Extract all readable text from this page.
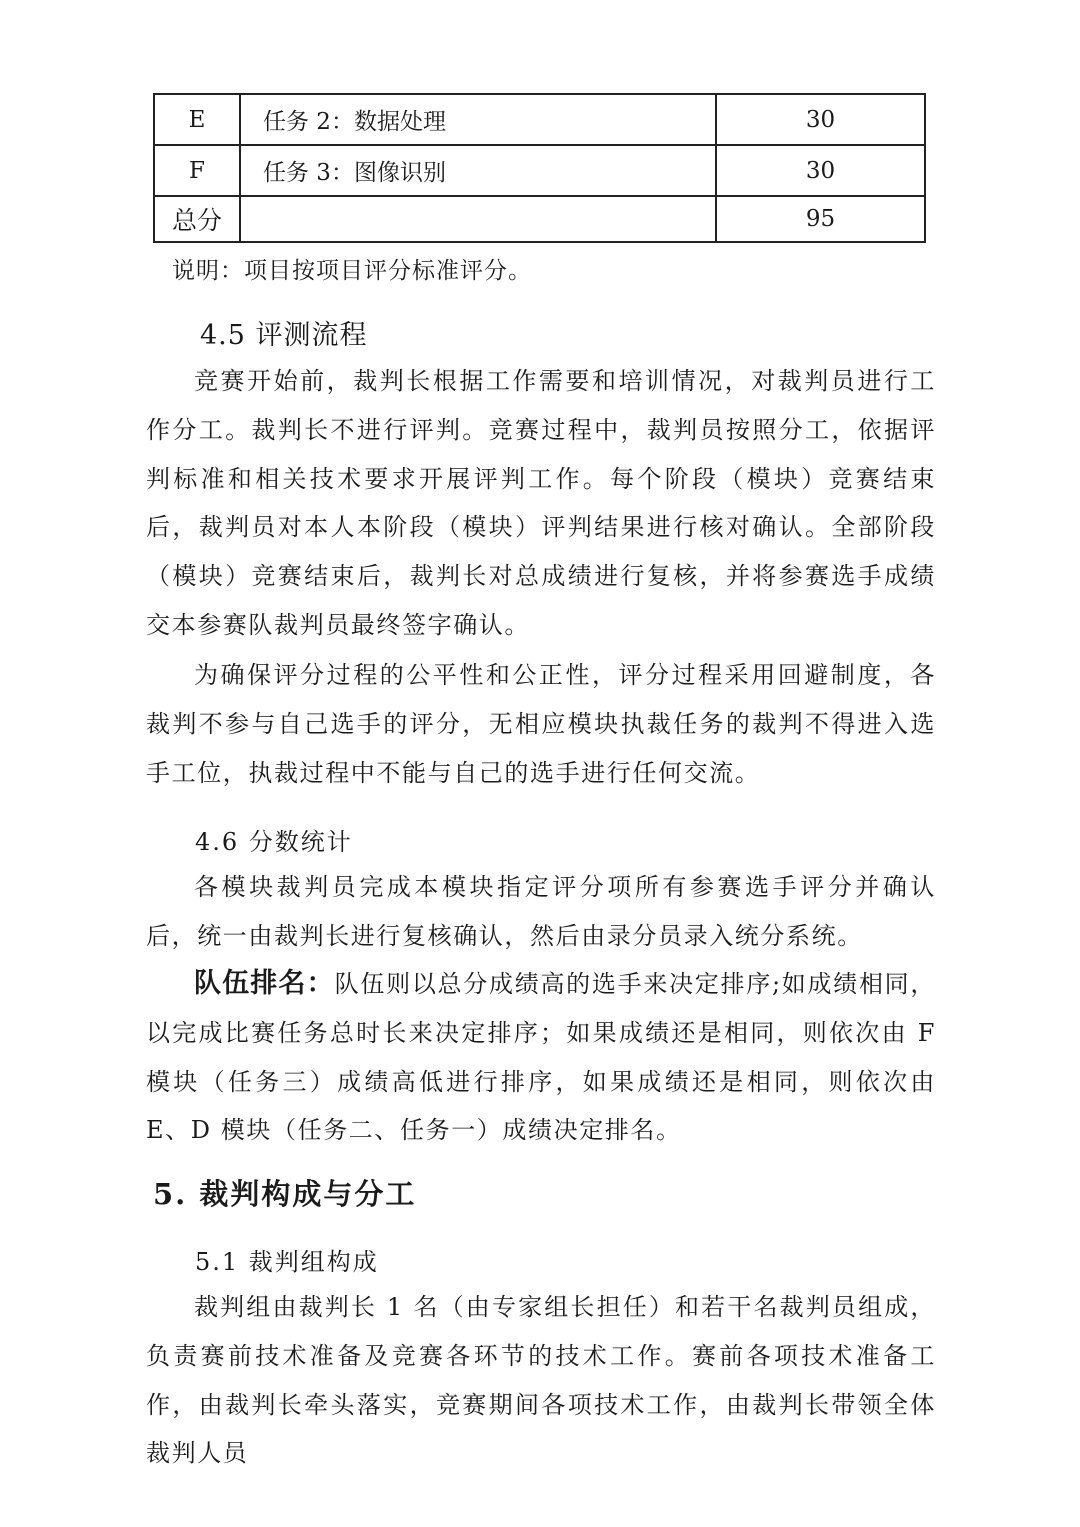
E	任务 2：数据处理	30
F	任务 3：图像识别	30
总分		95
说明：项目按项目评分标准评分。
4.5 评测流程

竞赛开始前，裁判长根据工作需要和培训情况，对裁判员进行工作分工。裁判长不进行评判。竞赛过程中，裁判员按照分工，依据评判标准和相关技术要求开展评判工作。每个阶段（模块）竞赛结束后，裁判员对本人本阶段（模块）评判结果进行核对确认。全部阶段（模块）竞赛结束后，裁判长对总成绩进行复核，并将参赛选手成绩交本参赛队裁判员最终签字确认。

为确保评分过程的公平性和公正性，评分过程采用回避制度，各裁判不参与自己选手的评分，无相应模块执裁任务的裁判不得进入选手工位，执裁过程中不能与自己的选手进行任何交流。

4.6 分数统计

各模块裁判员完成本模块指定评分项所有参赛选手评分并确认后，统一由裁判长进行复核确认，然后由录分员录入统分系统。

队伍排名：队伍则以总分成绩高的选手来决定排序;如成绩相同，以完成比赛任务总时长来决定排序；如果成绩还是相同，则依次由 F 模块（任务三）成绩高低进行排序，如果成绩还是相同，则依次由 E、D 模块（任务二、任务一）成绩决定排名。

5. 裁判构成与分工
5.1 裁判组构成

裁判组由裁判长 1 名（由专家组长担任）和若干名裁判员组成，负责赛前技术准备及竞赛各环节的技术工作。赛前各项技术准备工作，由裁判长牵头落实，竞赛期间各项技术工作，由裁判长带领全体裁判人员
